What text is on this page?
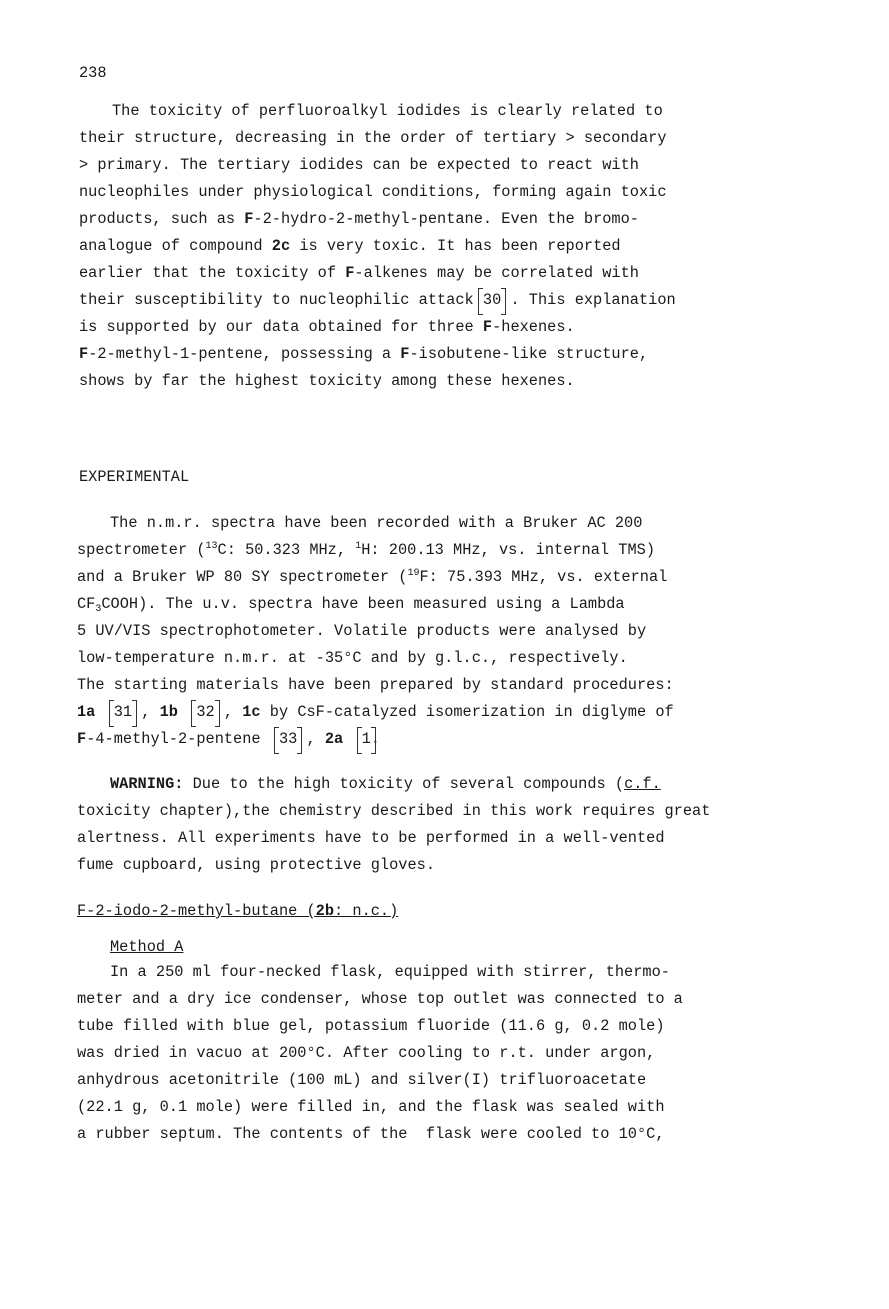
238
The toxicity of perfluoroalkyl iodides is clearly related to
their structure, decreasing in the order of tertiary > secondary
> primary. The tertiary iodides can be expected to react with
nucleophiles under physiological conditions, forming again toxic
products, such as F-2-hydro-2-methyl-pentane. Even the bromo-
analogue of compound 2c is very toxic. It has been reported
earlier that the toxicity of F-alkenes may be correlated with
their susceptibility to nucleophilic attack 30 . This explanation
is supported by our data obtained for three F-hexenes.
F-2-methyl-1-pentene, possessing a F-isobutene-like structure,
shows by far the highest toxicity among these hexenes.
EXPERIMENTAL
The n.m.r. spectra have been recorded with a Bruker AC 200
spectrometer ($^{13}$C: 50.323 MHz, $^1$H: 200.13 MHz, vs. internal TMS)
and a Bruker WP 80 SY spectrometer ($^{19}$F: 75.393 MHz, vs. external
$CF_3COOH$). The u.v. spectra have been measured using a Lambda
5 UV/VIS spectrophotometer. Volatile products were analysed by
low-temperature n.m.r. at -35°C and by g.l.c., respectively.
The starting materials have been prepared by standard procedures:
1a 31 , 1b 32 , 1c by CsF-catalyzed isomerization in diglyme of
F-4-methyl-2-pentene  33 , 2a 1.
WARNING: Due to the high toxicity of several compounds (c.f.
toxicity chapter),the chemistry described in this work requires great
alertness. All experiments have to be performed in a well-vented
fume cupboard, using protective gloves.
F-2-iodo-2-methyl-butane (2b: n.c.)
Method A
In a 250 ml four-necked flask, equipped with stirrer, thermo-
meter and a dry ice condenser, whose top outlet was connected to a
tube filled with blue gel, potassium fluoride (11.6 g, 0.2 mole)
was dried in vacuo at 200°C. After cooling to r.t. under argon,
anhydrous acetonitrile (100 mL) and silver(I) trifluoroacetate
(22.1 g, 0.1 mole) were filled in, and the flask was sealed with
a rubber septum. The contents of the  flask were cooled to 10°C,
